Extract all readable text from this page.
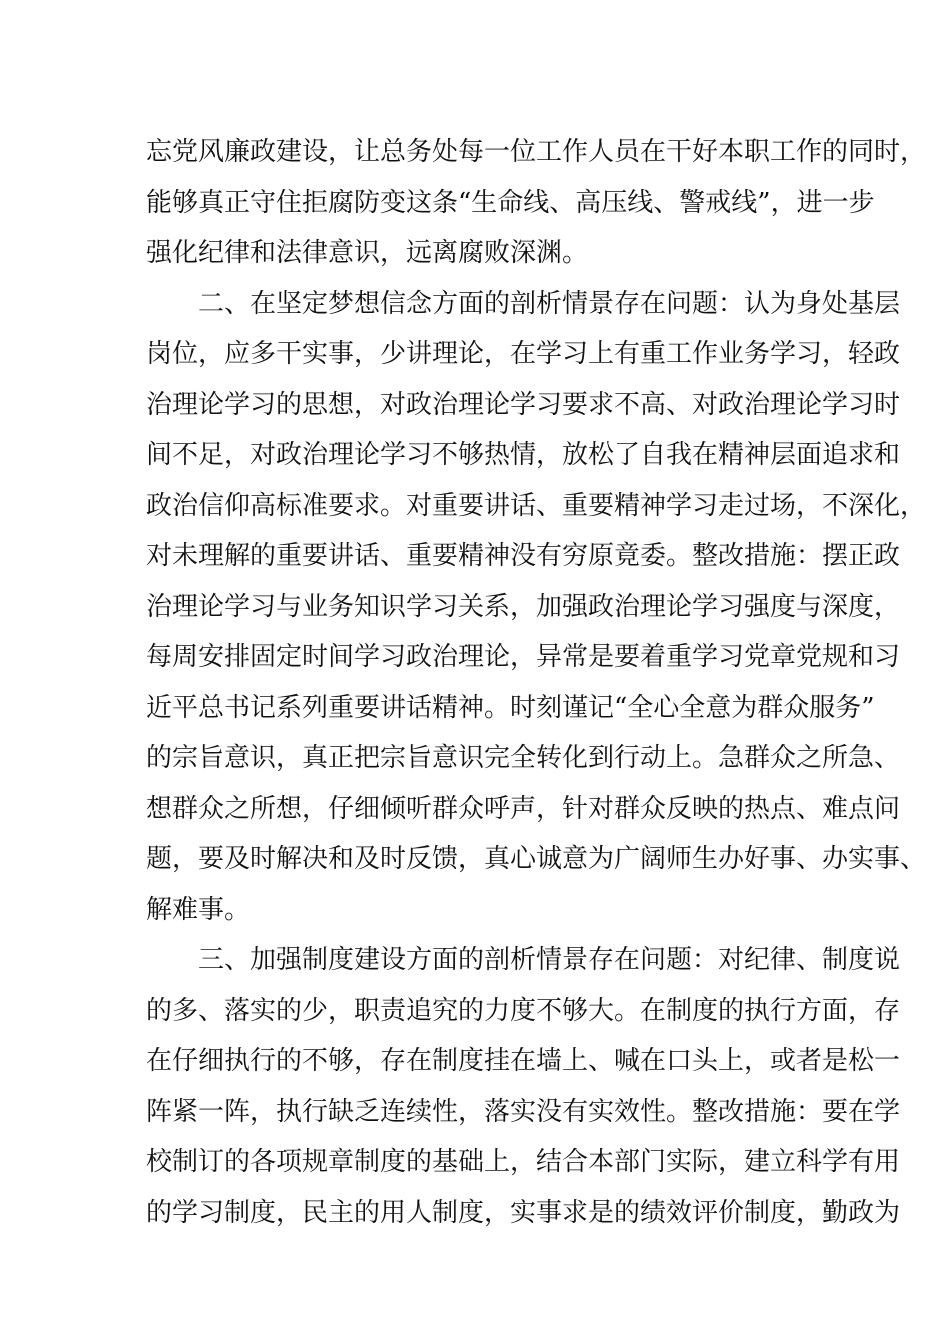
忘党风廉政建设，让总务处每一位工作人员在干好本职工作的同时，
能够真正守住拒腐防变这条“生命线、高压线、警戒线”，进一步
强化纪律和法律意识，远离腐败深渊。
　　二、在坚定梦想信念方面的剖析情景存在问题：认为身处基层
岗位，应多干实事，少讲理论，在学习上有重工作业务学习，轻政
治理论学习的思想，对政治理论学习要求不高、对政治理论学习时
间不足，对政治理论学习不够热情，放松了自我在精神层面追求和
政治信仰高标准要求。对重要讲话、重要精神学习走过场，不深化，
对未理解的重要讲话、重要精神没有穷原竟委。整改措施：摆正政
治理论学习与业务知识学习关系，加强政治理论学习强度与深度，
每周安排固定时间学习政治理论，异常是要着重学习党章党规和习
近平总书记系列重要讲话精神。时刻谨记“全心全意为群众服务”
的宗旨意识，真正把宗旨意识完全转化到行动上。急群众之所急、
想群众之所想，仔细倾听群众呼声，针对群众反映的热点、难点问
题，要及时解决和及时反馈，真心诚意为广阔师生办好事、办实事、
解难事。
　　三、加强制度建设方面的剖析情景存在问题：对纪律、制度说
的多、落实的少，职责追究的力度不够大。在制度的执行方面，存
在仔细执行的不够，存在制度挂在墙上、喊在口头上，或者是松一
阵紧一阵，执行缺乏连续性，落实没有实效性。整改措施：要在学
校制订的各项规章制度的基础上，结合本部门实际，建立科学有用
的学习制度，民主的用人制度，实事求是的绩效评价制度，勤政为
